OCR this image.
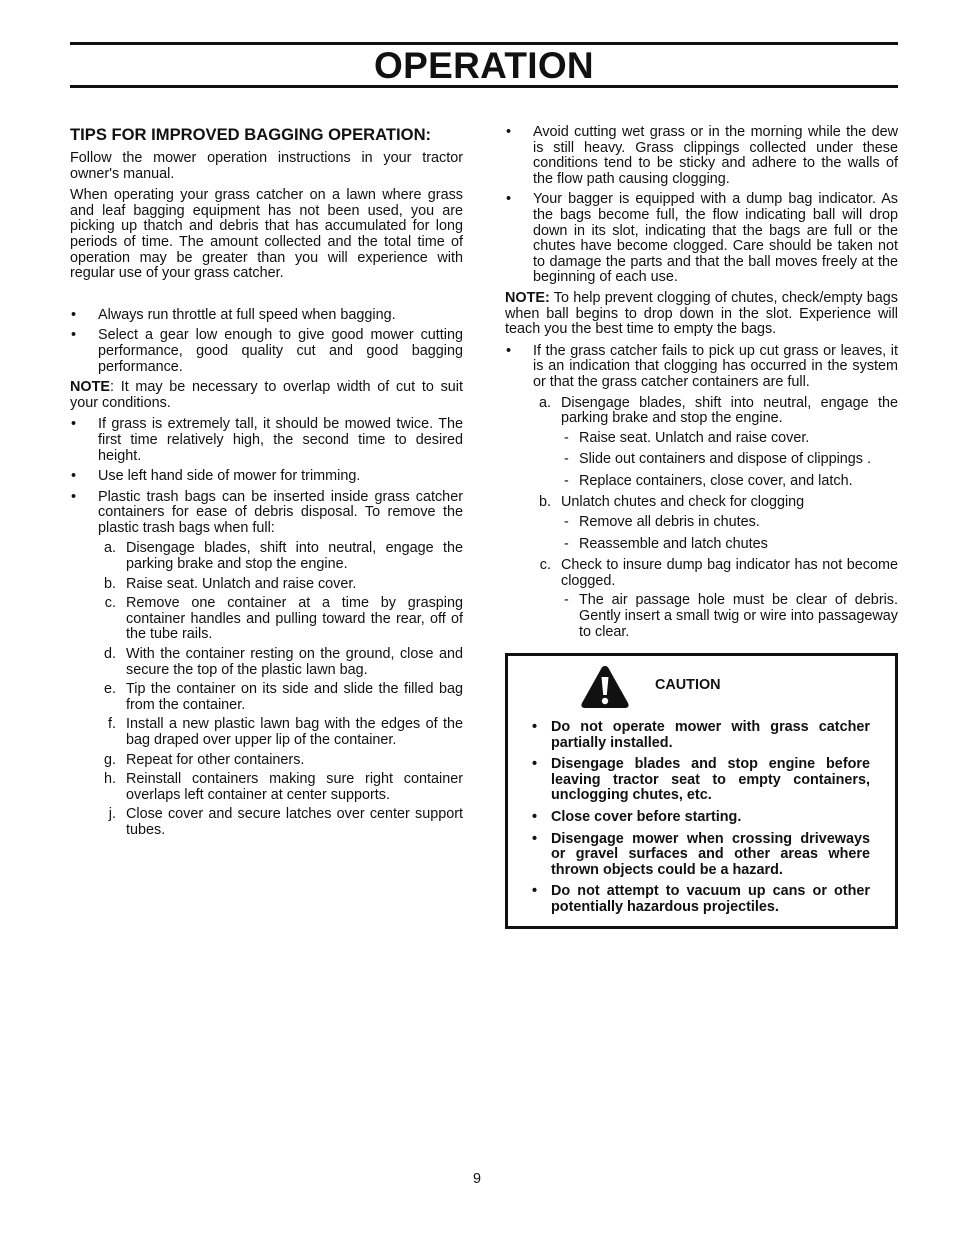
OPERATION
TIPS FOR IMPROVED BAGGING OPERATION:

Follow the mower operation instructions in your tractor owner's manual.

When operating your grass catcher on a lawn where grass and leaf bagging equipment has not been used, you are picking up thatch and debris that has accumulated for long periods of time. The amount collected and the total time of operation may be greater than you will experience with regular use of your grass catcher.

•	Always run throttle at full speed when bagging.
•	Select a gear low enough to give good mower cutting performance, good quality cut and good bagging performance.

NOTE: It may be necessary to overlap width of cut to suit your conditions.

•	If grass is extremely tall, it should be mowed twice. The first time relatively high, the second time to desired height.
•	Use left hand side of mower for trimming.
•	Plastic trash bags can be inserted inside grass catcher containers for ease of debris disposal. To remove the plastic trash bags when full:
a. Disengage blades, shift into neutral, engage the parking brake and stop the engine.
b. Raise seat. Unlatch and raise cover.
c. Remove one container at a time by grasping container handles and pulling toward the rear, off of the tube rails.
d. With the container resting on the ground, close and secure the top of the plastic lawn bag.
e. Tip the container on its side and slide the filled bag from the container.
f. Install a new plastic lawn bag with the edges of the bag draped over upper lip of the container.
g. Repeat for other containers.
h. Reinstall containers making sure right container overlaps left container at center supports.
j. Close cover and secure latches over center support tubes.
•	Avoid cutting wet grass or in the morning while the dew is still heavy. Grass clippings collected under these conditions tend to be sticky and adhere to the walls of the flow path causing clogging.
•	Your bagger is equipped with a dump bag indicator. As the bags become full, the flow indicating ball will drop down in its slot, indicating that the bags are full or the chutes have become clogged. Care should be taken not to damage the parts and that the ball moves freely at the beginning of each use.

NOTE: To help prevent clogging of chutes, check/empty bags when ball begins to drop down in the slot. Experience will teach you the best time to empty the bags.

•	If the grass catcher fails to pick up cut grass or leaves, it is an indication that clogging has occurred in the system or that the grass catcher containers are full.
a. Disengage blades, shift into neutral, engage the parking brake and stop the engine.
- Raise seat. Unlatch and raise cover.
- Slide out containers and dispose of clippings .
- Replace containers, close cover, and latch.
b. Unlatch chutes and check for clogging
- Remove all debris in chutes.
- Reassemble and latch chutes
c. Check to insure dump bag indicator has not become clogged.
- The air passage hole must be clear of debris. Gently insert a small twig or wire into passageway to clear.
CAUTION
• Do not operate mower with grass catcher partially installed.
• Disengage blades and stop engine before leaving tractor seat to empty containers, unclogging chutes, etc.
• Close cover before starting.
• Disengage mower when crossing driveways or gravel surfaces and other areas where thrown objects could be a hazard.
• Do not attempt to vacuum up cans or other potentially hazardous projectiles.
9
